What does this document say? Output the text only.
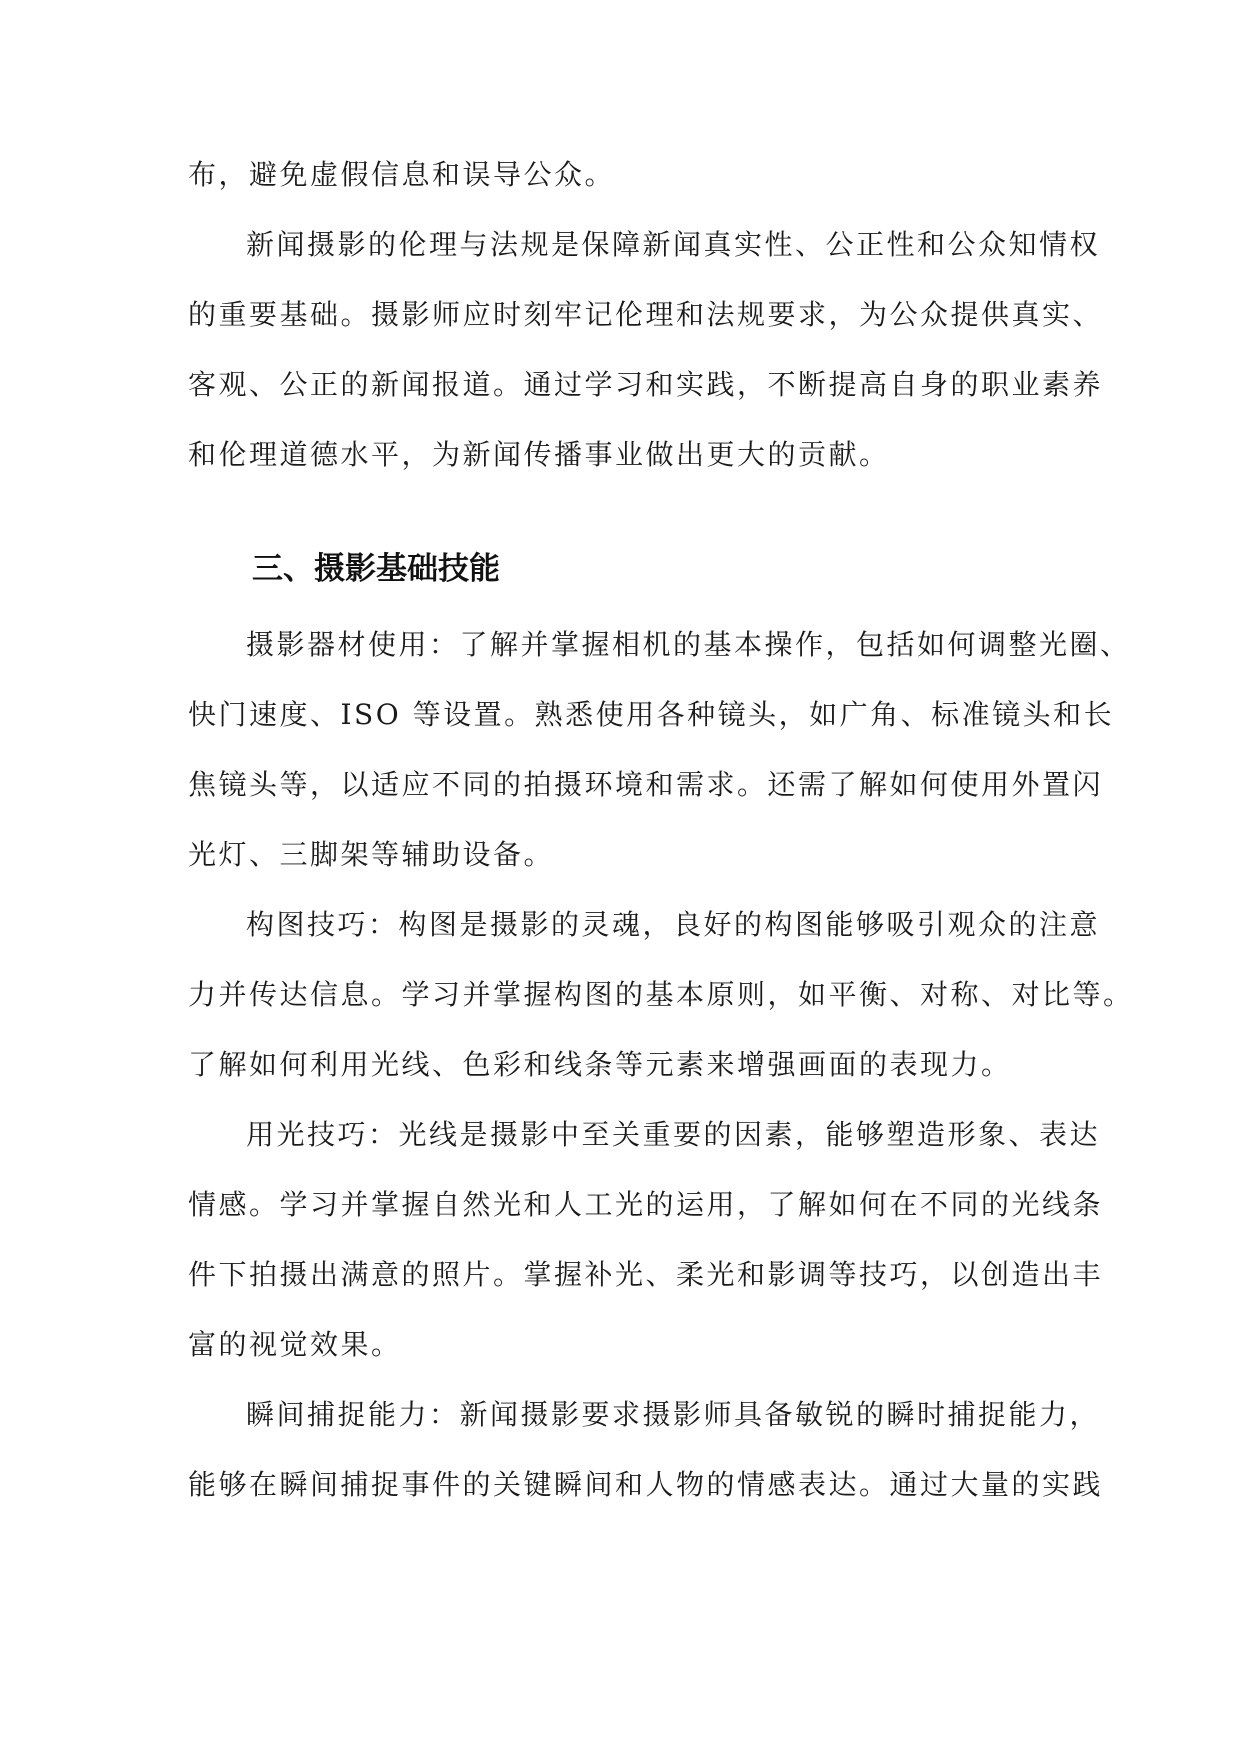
布，避免虚假信息和误导公众。
新闻摄影的伦理与法规是保障新闻真实性、公正性和公众知情权
的重要基础。摄影师应时刻牢记伦理和法规要求，为公众提供真实、
客观、公正的新闻报道。通过学习和实践，不断提高自身的职业素养
和伦理道德水平，为新闻传播事业做出更大的贡献。
三、摄影基础技能
摄影器材使用：了解并掌握相机的基本操作，包括如何调整光圈、
快门速度、ISO 等设置。熟悉使用各种镜头，如广角、标准镜头和长
焦镜头等，以适应不同的拍摄环境和需求。还需了解如何使用外置闪
光灯、三脚架等辅助设备。
构图技巧：构图是摄影的灵魂，良好的构图能够吸引观众的注意
力并传达信息。学习并掌握构图的基本原则，如平衡、对称、对比等。
了解如何利用光线、色彩和线条等元素来增强画面的表现力。
用光技巧：光线是摄影中至关重要的因素，能够塑造形象、表达
情感。学习并掌握自然光和人工光的运用，了解如何在不同的光线条
件下拍摄出满意的照片。掌握补光、柔光和影调等技巧，以创造出丰
富的视觉效果。
瞬间捕捉能力：新闻摄影要求摄影师具备敏锐的瞬时捕捉能力，
能够在瞬间捕捉事件的关键瞬间和人物的情感表达。通过大量的实践
